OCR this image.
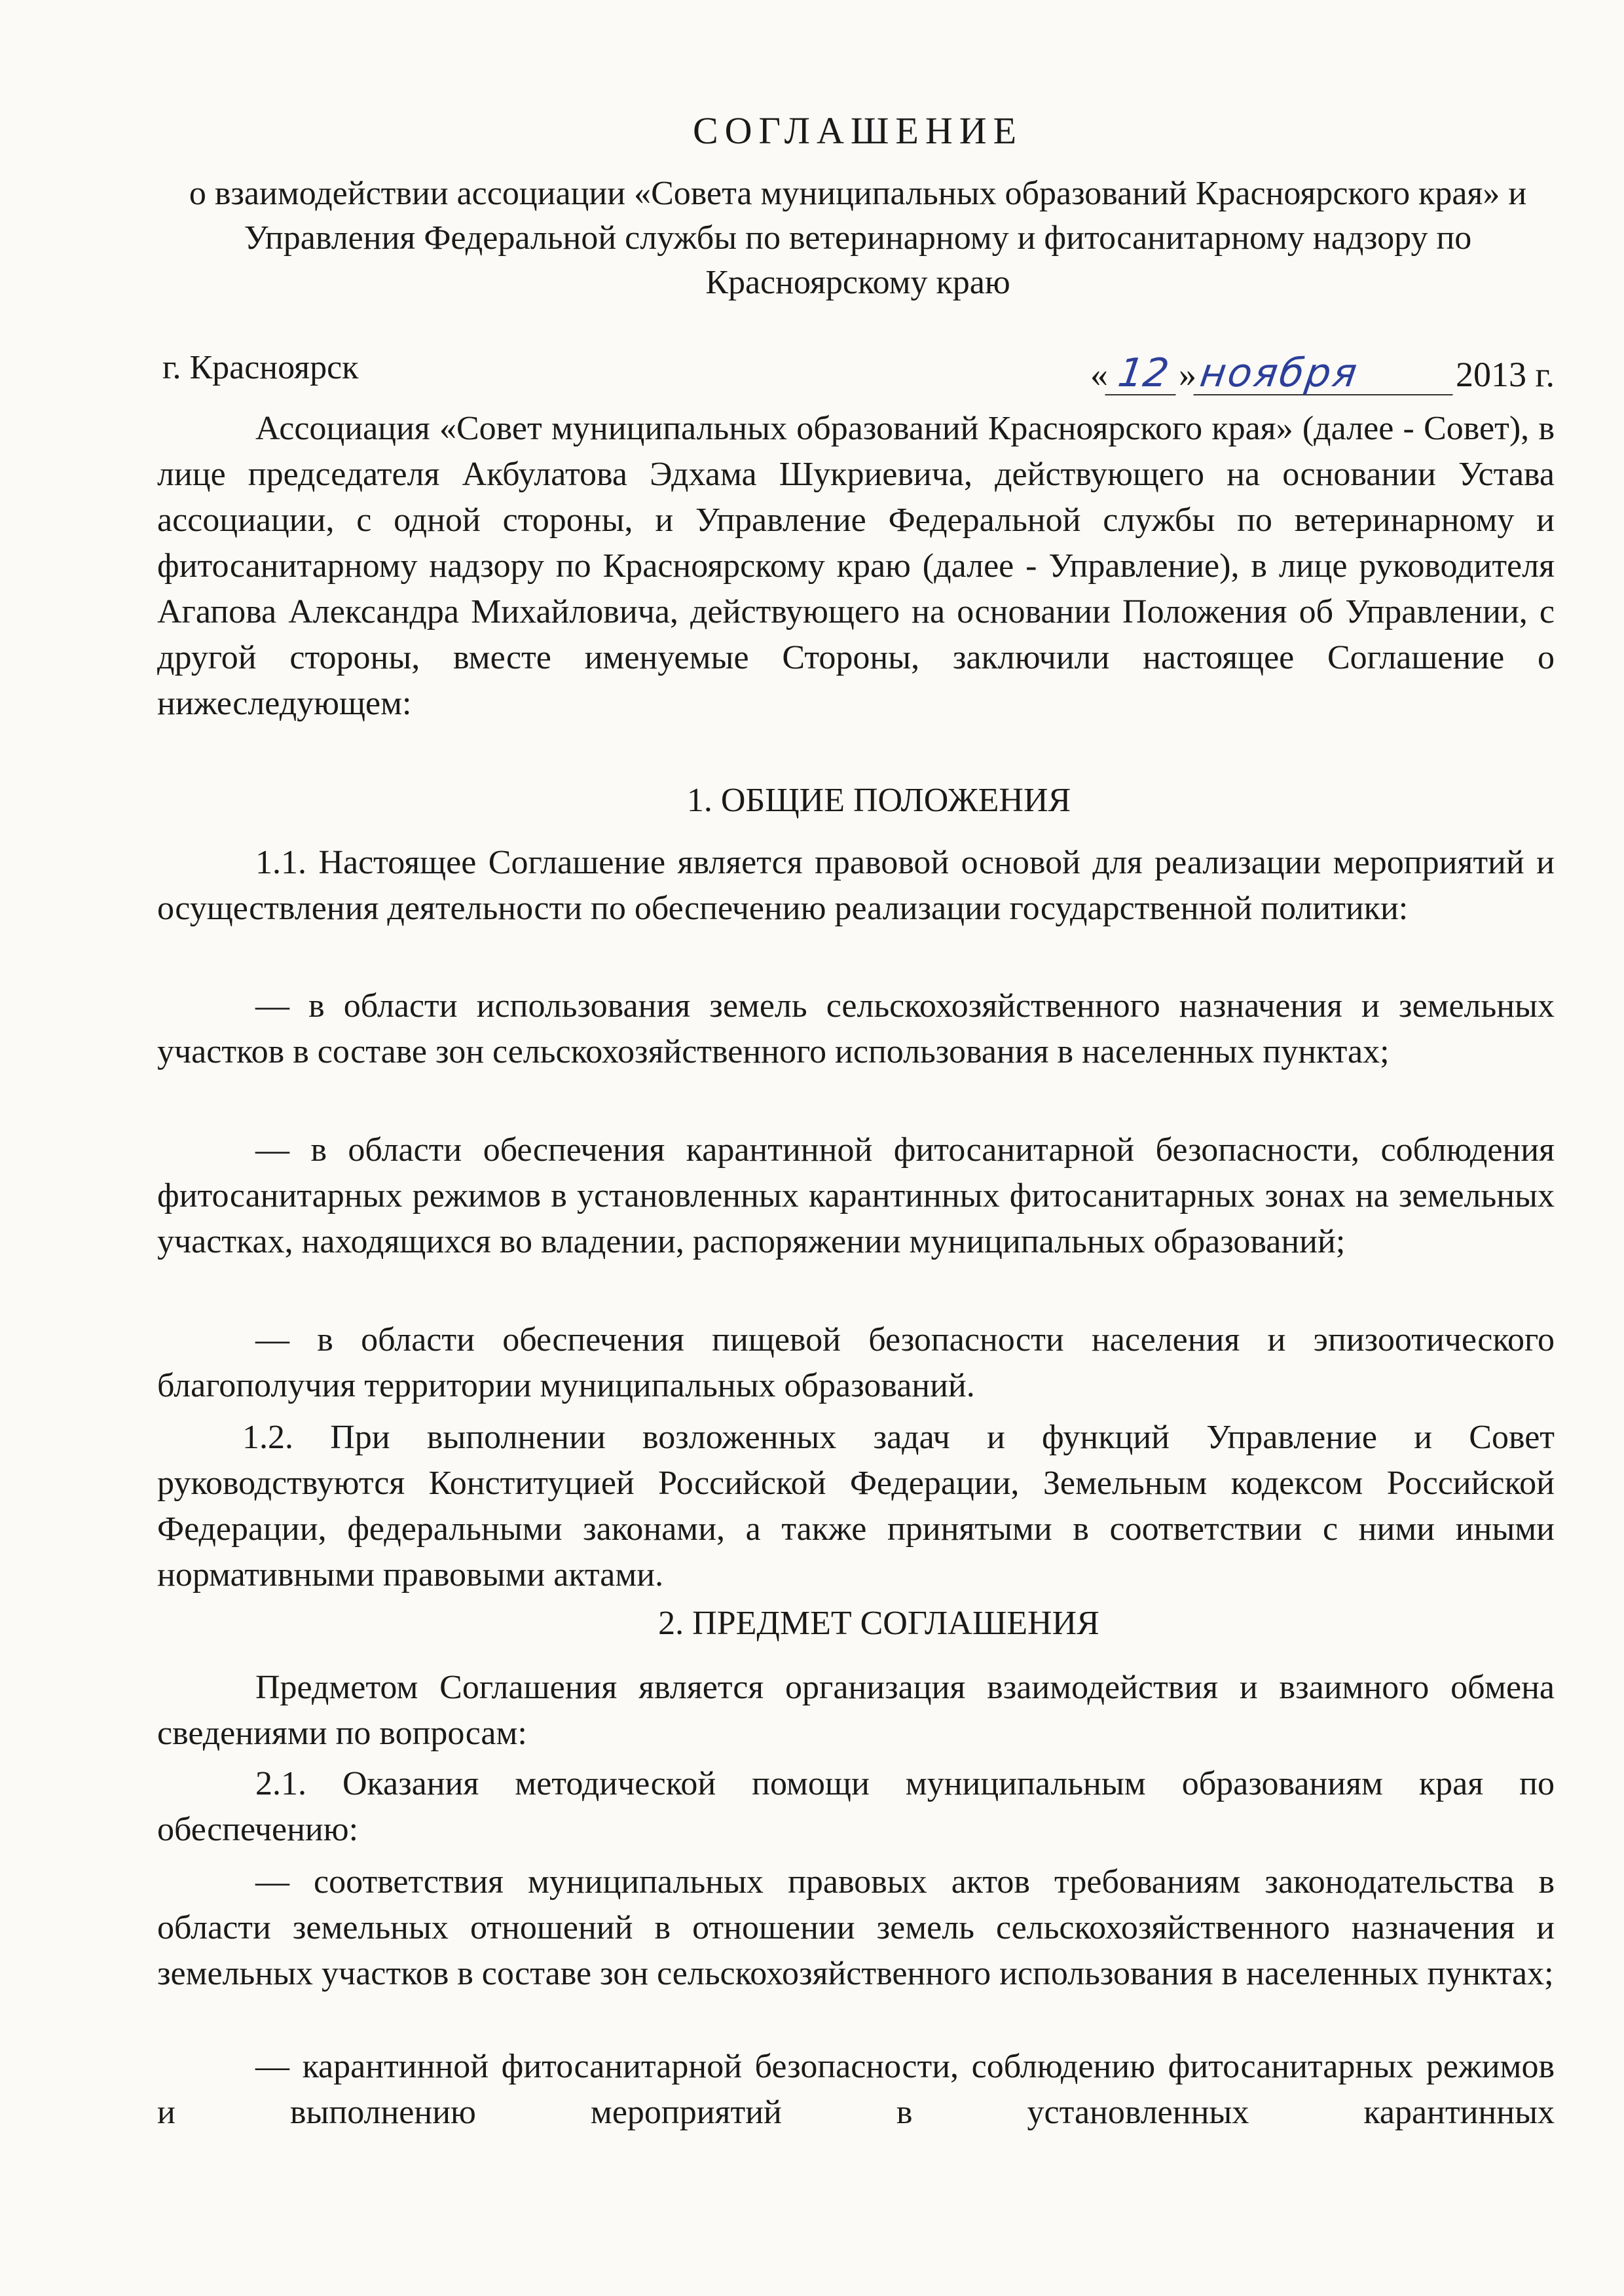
СОГЛАШЕНИЕ
о взаимодействии ассоциации «Совета муниципальных образований Красноярского края» и Управления Федеральной службы по ветеринарному и фитосанитарному надзору по Красноярскому краю
г. Красноярск	« 12 »ноября	2013 г.

Ассоциация «Совет муниципальных образований Красноярского края» (далее - Совет), в лице председателя Акбулатова Эдхама Шукриевича, действующего на основании Устава ассоциации, с одной стороны, и Управление Федеральной службы по ветеринарному и фитосанитарному надзору по Красноярскому краю (далее - Управление), в лице руководителя Агапова Александра Михайловича, действующего на основании Положения об Управлении, с другой стороны, вместе именуемые Стороны, заключили настоящее Соглашение о нижеследующем:

1. ОБЩИЕ ПОЛОЖЕНИЯ

1.1. Настоящее Соглашение является правовой основой для реализации мероприятий и осуществления деятельности по обеспечению реализации государственной политики:

— в области использования земель сельскохозяйственного назначения и земельных участков в составе зон сельскохозяйственного использования в населенных пунктах;

— в области обеспечения карантинной фитосанитарной безопасности, соблюдения фитосанитарных режимов в установленных карантинных фитосанитарных зонах на земельных участках, находящихся во владении, распоряжении муниципальных образований;

— в области обеспечения пищевой безопасности населения и эпизоотического благополучия территории муниципальных образований.

1.2. При выполнении возложенных задач и функций Управление и Совет руководствуются Конституцией Российской Федерации, Земельным кодексом Российской Федерации, федеральными законами, а также принятыми в соответствии с ними иными нормативными правовыми актами.

2. ПРЕДМЕТ СОГЛАШЕНИЯ

Предметом Соглашения является организация взаимодействия и взаимного обмена сведениями по вопросам:

2.1. Оказания методической помощи муниципальным образованиям края по обеспечению:

— соответствия муниципальных правовых актов требованиям законодательства в области земельных отношений в отношении земель сельскохозяйственного назначения и земельных участков в составе зон сельскохозяйственного использования в населенных пунктах;

— карантинной фитосанитарной безопасности, соблюдению фитосанитарных режимов и выполнению мероприятий в установленных карантинных
